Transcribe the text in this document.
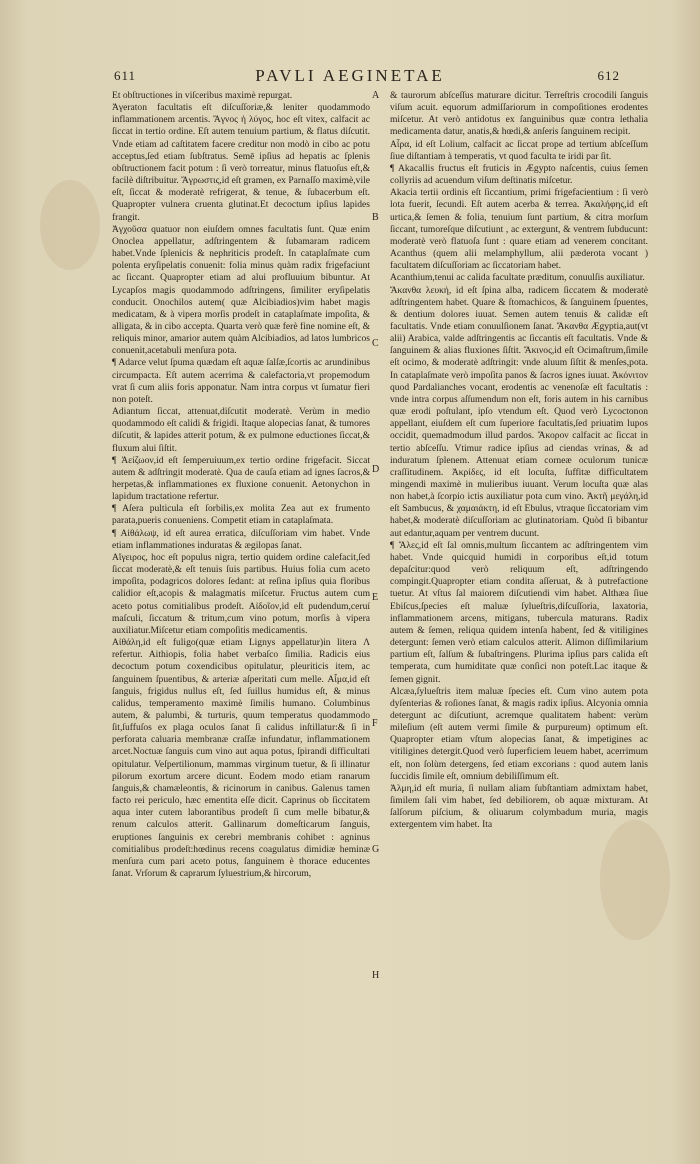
611	PAVLI AEGINETAE	612

Et obſtructiones in viſceribus maximè repurgat.

Ἀγeraton facultatis eſt diſcuſſoriæ,& leniter quodammodo inflammationem arcentis. Ἄγνος ἡ λύγος, hoc eſt vitex, calfacit ac ſiccat in tertio ordine. Eſt autem tenuium partium, & flatus diſcutit. Vnde etiam ad caſtitatem facere creditur non modò in cibo ac potu acceptus,ſed etiam ſubſtratus. Semē ipſius ad hepatis ac ſplenis obſtructionem facit potum : ſi verò torreatur, minus flatuoſus eſt,& facilè diſtribuitur. Ἄγρωστις,id eſt gramen, ex Parnaſſo maximè,vile eſt, ſiccat & moderatè refrigerat, & tenue, & ſubacerbum eſt. Quapropter vulnera cruenta glutinat.Et decoctum ipſius lapides frangit.

Ἀγχοῦσα quatuor non eiuſdem omnes facultatis ſunt. Quæ enim Onoclea appellatur, adſtringentem & ſubamaram radicem habet.Vnde ſplenicis & nephriticis prodeſt. In cataplaſmate cum polenta eryſipelatis conuenit: folia minus quàm radix frigefaciunt ac ſiccant. Quapropter etiam ad alui profluuium bibuntur. At Lycapſos magis quodammodo adſtringens, ſimiliter eryſipelatis conducit. Onochilos autem( quæ Alcibiadios)vim habet magis medicatam, & à vipera morſis prodeſt in cataplaſmate impoſita, & alligata, & in cibo accepta. Quarta verò quæ ferè fine nomine eſt, & reliquis minor, amarior autem quàm Alcibiadios, ad latos lumbricos conuenit,acetabuli menſura pota.

¶ Adarce velut ſpuma quædam eſt aquæ ſalſæ,ſcortis ac arundinibus circumpacta. Eſt autem acerrima & calefactoria,vt propemodum vrat ſi cum aliis foris apponatur. Nam intra corpus vt ſumatur fieri non poteſt.

Adiantum ſiccat, attenuat,diſcutit moderatè. Verùm in medio quodammodo eſt calidi & frigidi. Itaque alopecias ſanat, & tumores diſcutit, & lapides atterit potum, & ex pulmone eductiones ſiccat,& fluxum alui ſiſtit.

¶ Ἀείζωον,id eſt ſemperuiuum,ex tertio ordine frigefacit. Siccat autem & adſtringit moderatè. Qua de cauſa etiam ad ignes ſacros,& herpetas,& inflammationes ex fluxione conuenit. Aetonychon in lapidum tractatione refertur.

¶ Aſera pulticula eſt ſorbilis,ex molita Zea aut ex frumento parata,pueris conueniens. Competit etiam in cataplaſmata.

¶ Αἰθάλωψ, id eſt aurea erratica, diſcuſſoriam vim habet. Vnde etiam inflammationes induratas & ægilopas ſanat.

Αἴγειρος, hoc eſt populus nigra, tertio quidem ordine calefacit,ſed ſiccat moderatè,& eſt tenuis ſuis partibus. Huius folia cum aceto impoſita, podagricos dolores ſedant: at reſina ipſius quia floribus calidior eſt,acopis & malagmatis miſcetur. Fructus autem cum aceto potus comitialibus prodeſt. Αἰδοῖον,id eſt pudendum,ceruí maſculi, ſiccatum & tritum,cum vino potum, morſis à vipera auxiliatur.Miſcetur etiam compoſitis medicamentis.

Αἰθάλη,id eſt fuligo(quæ etiam Lignys appellatur)in litera Λ refertur. Aithiopis, folia habet verbaſco ſimilia. Radicis eius decoctum potum coxendicibus opitulatur, pleuriticis item, ac ſanguinem ſpuentibus, & arteriæ aſperitati cum melle. Αἷμα,id eſt ſanguis, frigidus nullus eſt, ſed ſuillus humidus eſt, & minus calidus, temperamento maximè ſimilis humano. Columbinus autem, & palumbi, & turturis, quum temperatus quodammodo ſit,ſuffuſos ex plaga oculos ſanat ſi calidus inſtillatur:& ſi in perforata caluaria membranæ craſſæ infundatur, inflammationem arcet.Noctuæ ſanguis cum vino aut aqua potus, ſpirandi difficultati opitulatur. Veſpertilionum, mammas virginum tuetur, & ſi illinatur pilorum exortum arcere dicunt. Eodem modo etiam ranarum ſanguis,& chamæleontis, & ricinorum in canibus. Galenus tamen facto rei periculo, hæc ementita eſſe dicit. Caprinus ob ſiccitatem aqua inter cutem laborantibus prodeſt ſi cum melle bibatur,& renum calculos atterit. Gallinarum domeſticarum ſanguis, eruptiones ſanguinis ex cerebri membranis cohibet : agninus comitialibus prodeſt:hœdinus recens coagulatus dimidiæ heminæ menſura cum pari aceto potus, ſanguinem è thorace educentes ſanat. Vrſorum & caprarum ſyluestrium,& hircorum,

A
B
C
D
E
F
G
H

& taurorum abſceſſus maturare dicitur. Terreſtris crocodili ſanguis viſum acuit. equorum admiſſariorum in compoſitiones erodentes miſcetur. At verò antidotus ex ſanguinibus quæ contra lethalia medicamenta datur, anatis,& hœdi,& anſeris ſanguinem recipit.

Αἶρα, id eſt Lolium, calfacit ac ſiccat prope ad tertium abſceſſum ſiue diſtantiam à temperatis, vt quod faculta te iridi par ſit.

¶ Akacallis fructus eſt fruticis in Ægypto naſcentis, cuius ſemen collyriis ad acuendum viſum deſtinatis miſcetur.

Akacia tertii ordinis eſt ſiccantium, primi frigefacientium : ſi verò lota fuerit, ſecundi. Eſt autem acerba & terrea. Ἀκαλήφης,id eſt urtica,& ſemen & folia, tenuium ſunt partium, & citra morſum ſiccant, tumoreſque diſcutiunt , ac extergunt, & ventrem ſubducunt: moderatè verò flatuoſa ſunt : quare etiam ad venerem concitant. Acanthus (quem alii melamphyllum, alii pæderota vocant ) facultatem diſcuſſoriam ac ſiccatoriam habet.

Acanthium,tenui ac calida facultate præditum, conuulſis auxiliatur.

Ἄκανθα λευκή, id eſt ſpina alba, radicem ſiccatem & moderatè adſtringentem habet. Quare & ſtomachicos, & ſanguinem ſpuentes, & dentium dolores iuuat. Semen autem tenuis & calidæ eſt facultatis. Vnde etiam conuulſionem ſanat. Ἄκανθα Ægyptia,aut(vt alii) Arabica, valde adſtringentis ac ſiccantis eſt facultatis. Vnde & ſanguinem & alias fluxiones ſiſtit. Ἄκινος,id eſt Ocimaſtrum,ſimile eſt ocimo, & moderatè adſtringit: vnde aluum ſiſtit & menſes,pota. In cataplaſmate verò impoſita panos & ſacros ignes iuuat. Ἀκόνιτον quod Pardalianches vocant, erodentis ac venenoſæ eſt facultatis : vnde intra corpus aſſumendum non eſt, foris autem in his carnibus quæ erodi poſtulant, ipſo vtendum eſt. Quod verò Lycoctonon appellant, eiuſdem eſt cum ſuperiore facultatis,ſed priuatim lupos occidit, quemadmodum illud pardos. Ἄκορον calfacit ac ſiccat in tertio abſceſſu. Vtimur radice ipſius ad ciendas vrinas, & ad induratum ſplenem. Attenuat etiam corneæ oculorum tunicæ craſſitudinem. Ἀκρίδες, id eſt locuſta, ſuffitæ difficultatem mingendi maximè in mulieribus iuuant. Verum locuſta quæ alas non habet,à ſcorpio ictis auxiliatur pota cum vino. Ἀκτῆ μεγάλη,id eſt Sambucus, & χαμαιάκτη, id eſt Ebulus, vtraque ſiccatoriam vim habet,& moderatè diſcuſſoriam ac glutinatoriam. Quòd ſi bibantur aut edantur,aquam per ventrem ducunt.

¶ Ἅλες,id eſt ſal omnis,multum ſiccantem ac adſtringentem vim habet. Vnde quicquid humidi in corporibus eſt,id totum depaſcitur:quod verò reliquum eſt, adſtringendo compingit.Quapropter etiam condita aſſeruat, & à putrefactione tuetur. At vſtus ſal maiorem diſcutiendi vim habet. Althæa ſiue Ebiſcus,ſpecies eſt maluæ ſylueſtris,diſcuſſoria, laxatoria, inflammationem arcens, mitigans, tubercula maturans. Radix autem & ſemen, reliqua quidem intenſa habent, ſed & vitiligines detergunt: ſemen verò etiam calculos atterit. Alimon diſſimilarium partium eſt, ſalſum & ſubaſtringens. Plurima ipſius pars calida eſt temperata, cum humiditate quæ conſici non poteſt.Lac itaque & ſemen gignit.

Alcæa,ſylueſtris item maluæ ſpecies eſt. Cum vino autem pota dyſenterias & roſiones ſanat, & magis radix ipſius. Alcyonia omnia detergunt ac diſcutiunt, acremque qualitatem habent: verùm mileſium (eſt autem vermi ſimile & purpureum) optimum eſt. Quapropter etiam vſtum alopecias ſanat, & impetigines ac vitiligines detergit.Quod verò ſuperficiem leuem habet, acerrimum eſt, non ſolùm detergens, ſed etiam excorians : quod autem lanis ſuccidis ſimile eſt, omnium debiliſſimum eſt.

Ἀλμη,id eſt muria, ſi nullam aliam ſubſtantiam admixtam habet, ſimilem ſali vim habet, ſed debiliorem, ob aquæ mixturam. At ſalſorum piſcium, & oliuarum colymbadum muria, magis extergentem vim habet. Ita
